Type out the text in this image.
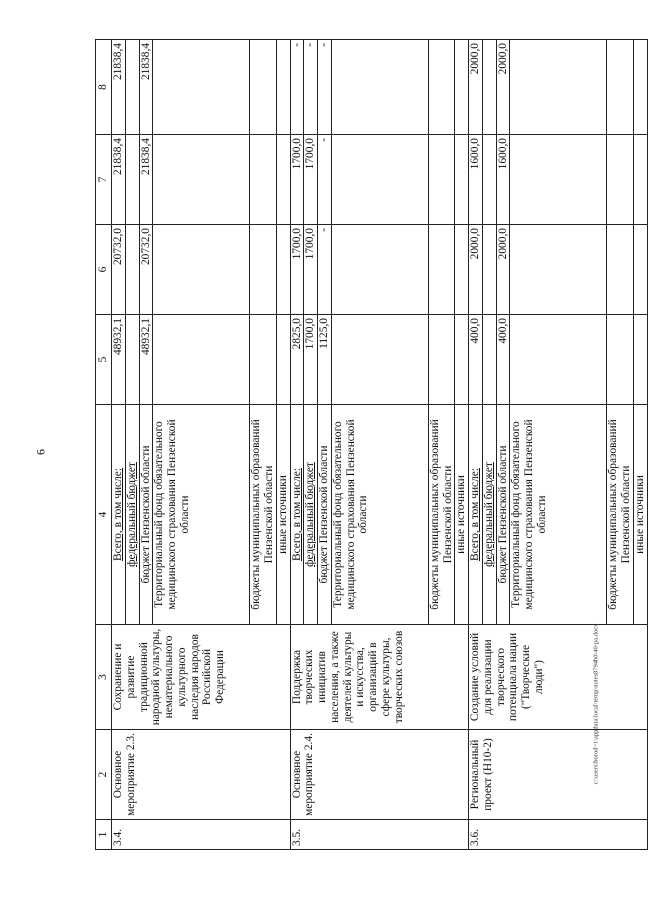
6
1	2	3	4	5	6	7	8
3.4.	Основное мероприятие 2.3.	Сохранение и развитие традиционной народной культуры, нематериального культурного наследия народов Российской Федерации	Всего, в том числе:	48932,1	20732,0	21838,4	21838,4
			федеральный бюджет				
			бюджет Пензенской области	48932,1	20732,0	21838,4	21838,4
			Территориальный фонд обязательного медицинского страхования Пензенской области				
			бюджеты муниципальных образований Пензенской области				
			иные источники				
3.5.	Основное мероприятие 2.4.	Поддержка творческих инициатив населения, а также деятелей культуры и искусства, организаций в сфере культуры, творческих союзов	Всего, в том числе:	2825,0	1700,0	1700,0	-
			федеральный бюджет	1700,0	1700,0	1700,0	-
			бюджет Пензенской области	1125,0	-	-	-
			Территориальный фонд обязательного медицинского страхования Пензенской области				
			бюджеты муниципальных образований Пензенской области				
			иные источники				
3.6.	Региональный проект (Н10-2)	Создание условий для реализации творческого потенциала нации ("Творческие люди")	Всего, в том числе:	400,0	2000,0	1600,0	2000,0
			федеральный бюджет				
			бюджет Пензенской области	400,0	2000,0	1600,0	2000,0
			Территориальный фонд обязательного медицинского страхования Пензенской области				
			бюджеты муниципальных образований Пензенской области				
			иные источники				
c:\users\borod~1\appdata\local\temp\notes8794b0\40-pa.docx
